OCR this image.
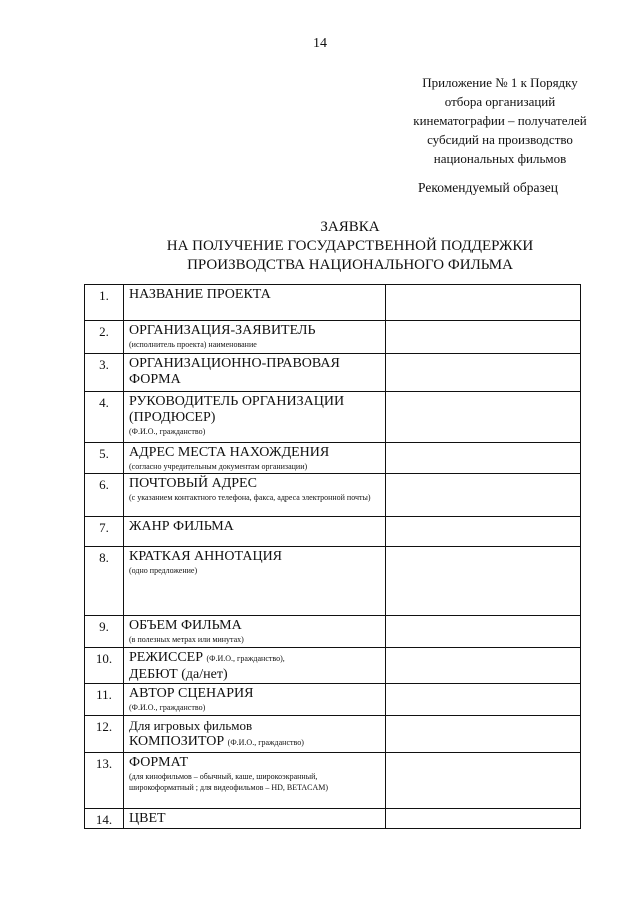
14
Приложение № 1 к Порядку
отбора организаций
кинематографии – получателей
субсидий на производство
национальных фильмов
Рекомендуемый образец
ЗАЯВКА
НА ПОЛУЧЕНИЕ ГОСУДАРСТВЕННОЙ ПОДДЕРЖКИ
ПРОИЗВОДСТВА НАЦИОНАЛЬНОГО ФИЛЬМА
1.	НАЗВАНИЕ ПРОЕКТА	

2.	ОРГАНИЗАЦИЯ-ЗАЯВИТЕЛЬ
(исполнитель проекта) наименование	

3.	ОРГАНИЗАЦИОННО-ПРАВОВАЯ ФОРМА	

4.	РУКОВОДИТЕЛЬ ОРГАНИЗАЦИИ (ПРОДЮСЕР)
(Ф.И.О., гражданство)	

5.	АДРЕС МЕСТА НАХОЖДЕНИЯ
(согласно учредительным документам организации)	

6.	ПОЧТОВЫЙ АДРЕС
(с указанием контактного телефона, факса, адреса электронной почты)	

7.	ЖАНР ФИЛЬМА	

8.	КРАТКАЯ АННОТАЦИЯ
(одно предложение)	

9.	ОБЪЕМ ФИЛЬМА
(в полезных метрах или минутах)	

10.	РЕЖИССЕР (Ф.И.О., гражданство),
ДЕБЮТ (да/нет)	

11.	АВТОР СЦЕНАРИЯ
(Ф.И.О., гражданство)	

12.	Для игровых фильмов
КОМПОЗИТОР (Ф.И.О., гражданство)	

13.	ФОРМАТ
(для кинофильмов – обычный, каше, широкоэкранный, широкоформатный ; для видеофильмов – HD, BETACAM)	

14.	ЦВЕТ	
